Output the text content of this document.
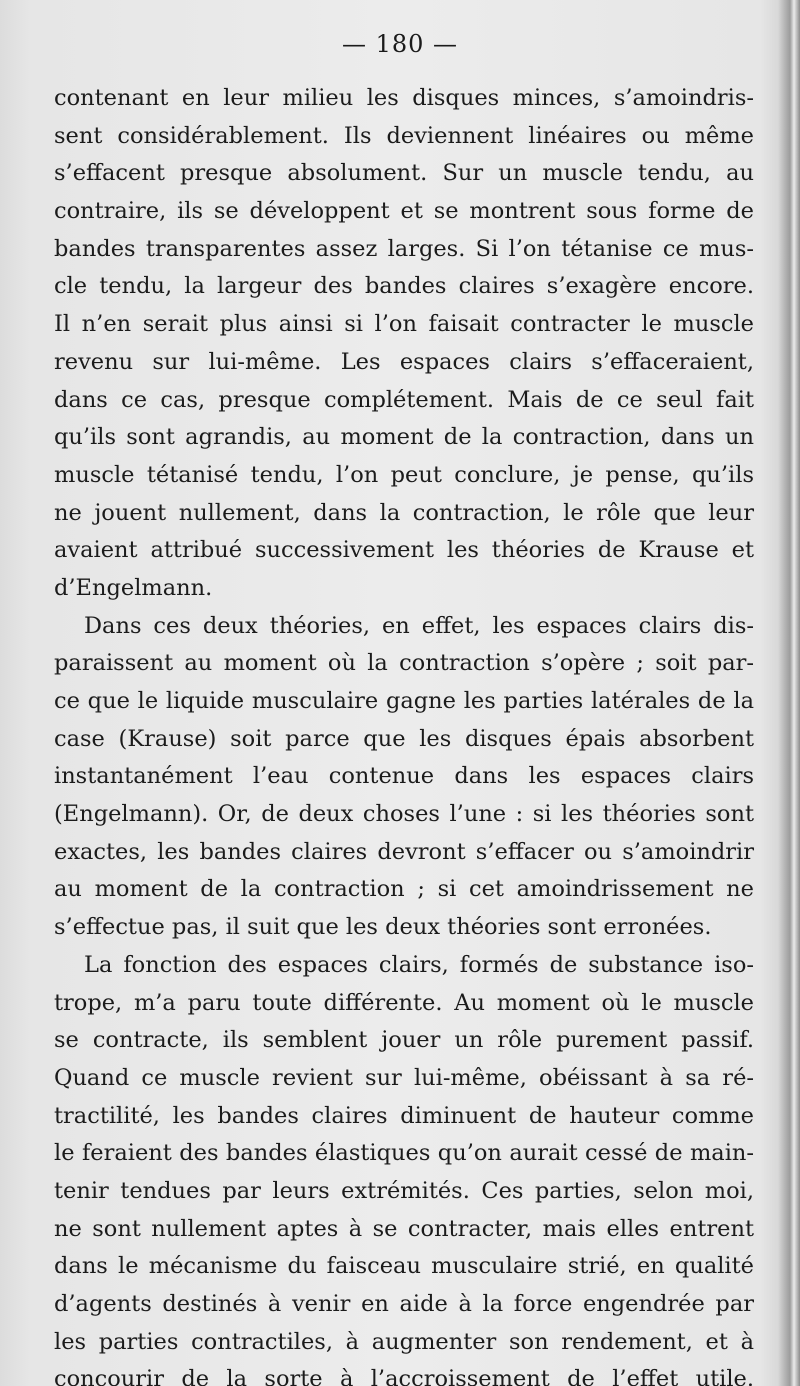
— 180 —
contenant en leur milieu les disques minces, s’amoindris-
sent considérablement. Ils deviennent linéaires ou même
s’effacent presque absolument. Sur un muscle tendu, au
contraire, ils se développent et se montrent sous forme de
bandes transparentes assez larges. Si l’on tétanise ce mus-
cle tendu, la largeur des bandes claires s’exagère encore.
Il n’en serait plus ainsi si l’on faisait contracter le muscle
revenu sur lui-même. Les espaces clairs s’effaceraient,
dans ce cas, presque complétement. Mais de ce seul fait
qu’ils sont agrandis, au moment de la contraction, dans un
muscle tétanisé tendu, l’on peut conclure, je pense, qu’ils
ne jouent nullement, dans la contraction, le rôle que leur
avaient attribué successivement les théories de Krause et
d’Engelmann.
Dans ces deux théories, en effet, les espaces clairs dis-
paraissent au moment où la contraction s’opère ; soit par-
ce que le liquide musculaire gagne les parties latérales de la
case (Krause) soit parce que les disques épais absorbent
instantanément l’eau contenue dans les espaces clairs
(Engelmann). Or, de deux choses l’une : si les théories sont
exactes, les bandes claires devront s’effacer ou s’amoindrir
au moment de la contraction ; si cet amoindrissement ne
s’effectue pas, il suit que les deux théories sont erronées.
La fonction des espaces clairs, formés de substance iso-
trope, m’a paru toute différente. Au moment où le muscle
se contracte, ils semblent jouer un rôle purement passif.
Quand ce muscle revient sur lui-même, obéissant à sa ré-
tractilité, les bandes claires diminuent de hauteur comme
le feraient des bandes élastiques qu’on aurait cessé de main-
tenir tendues par leurs extrémités. Ces parties, selon moi,
ne sont nullement aptes à se contracter, mais elles entrent
dans le mécanisme du faisceau musculaire strié, en qualité
d’agents destinés à venir en aide à la force engendrée par
les parties contractiles, à augmenter son rendement, et à
concourir de la sorte à l’accroissement de l’effet utile.
